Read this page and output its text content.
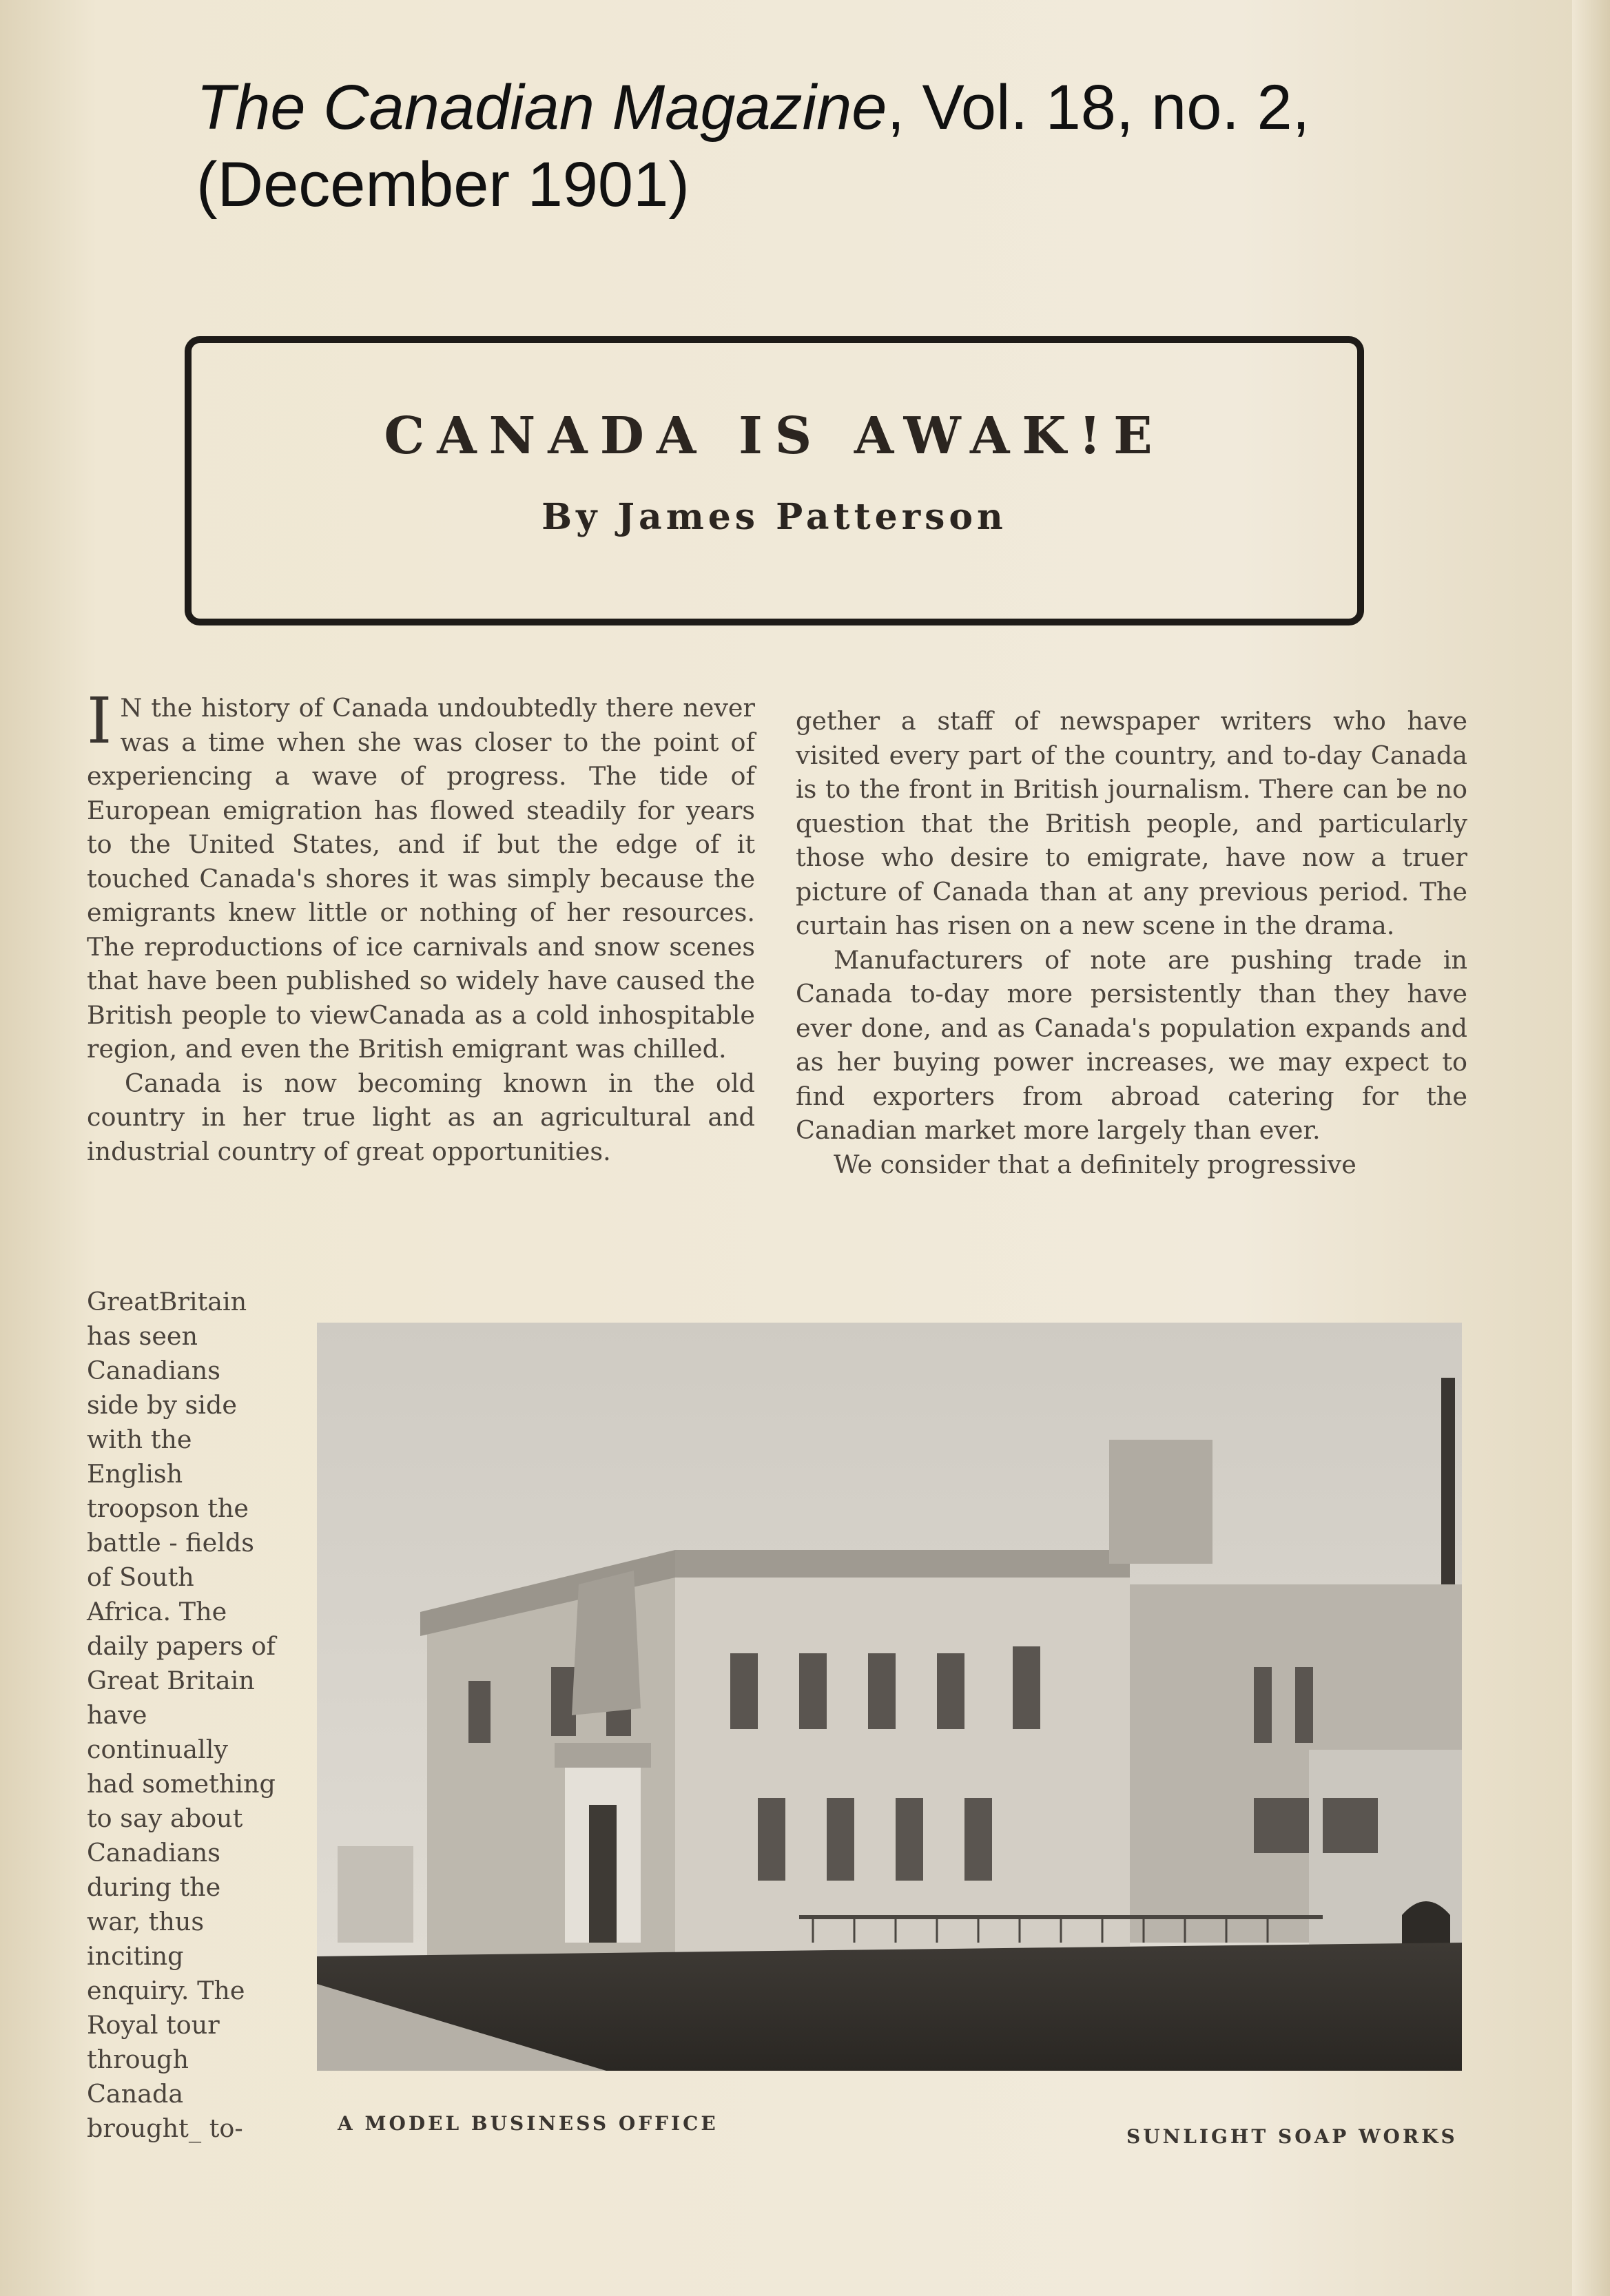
The Canadian Magazine, Vol. 18, no. 2,
(December 1901)
CANADA IS AWAK!E
By James Patterson

I N the history of Canada undoubtedly there never was a time when she was closer to the point of experiencing a wave of progress. The tide of European emigration has flowed steadily for years to the United States, and if but the edge of it touched Canada's shores it was simply because the emigrants knew little or nothing of her resources. The reproductions of ice carnivals and snow scenes that have been published so widely have caused the British people to viewCanada as a cold inhospitable region, and even the British emigrant was chilled.

Canada is now becoming known in the old country in her true light as an agricultural and industrial country of great opportunities.

GreatBritain has seen Canadians side by side with the English troopson the battle - fields of South Africa. The daily papers of Great Britain have continually had something to say about Canadians during the war, thus inciting enquiry. The Royal tour through Canada brought_ to-

gether a staff of newspaper writers who have visited every part of the country, and to-day Canada is to the front in British journalism. There can be no question that the British people, and particularly those who desire to emigrate, have now a truer picture of Canada than at any previous period. The curtain has risen on a new scene in the drama.

Manufacturers of note are pushing trade in Canada to-day more persistently than they have ever done, and as Canada's population expands and as her buying power increases, we may expect to find exporters from abroad catering for the Canadian market more largely than ever.

We consider that a definitely progressive

A MODEL BUSINESS OFFICE
SUNLIGHT SOAP WORKS
